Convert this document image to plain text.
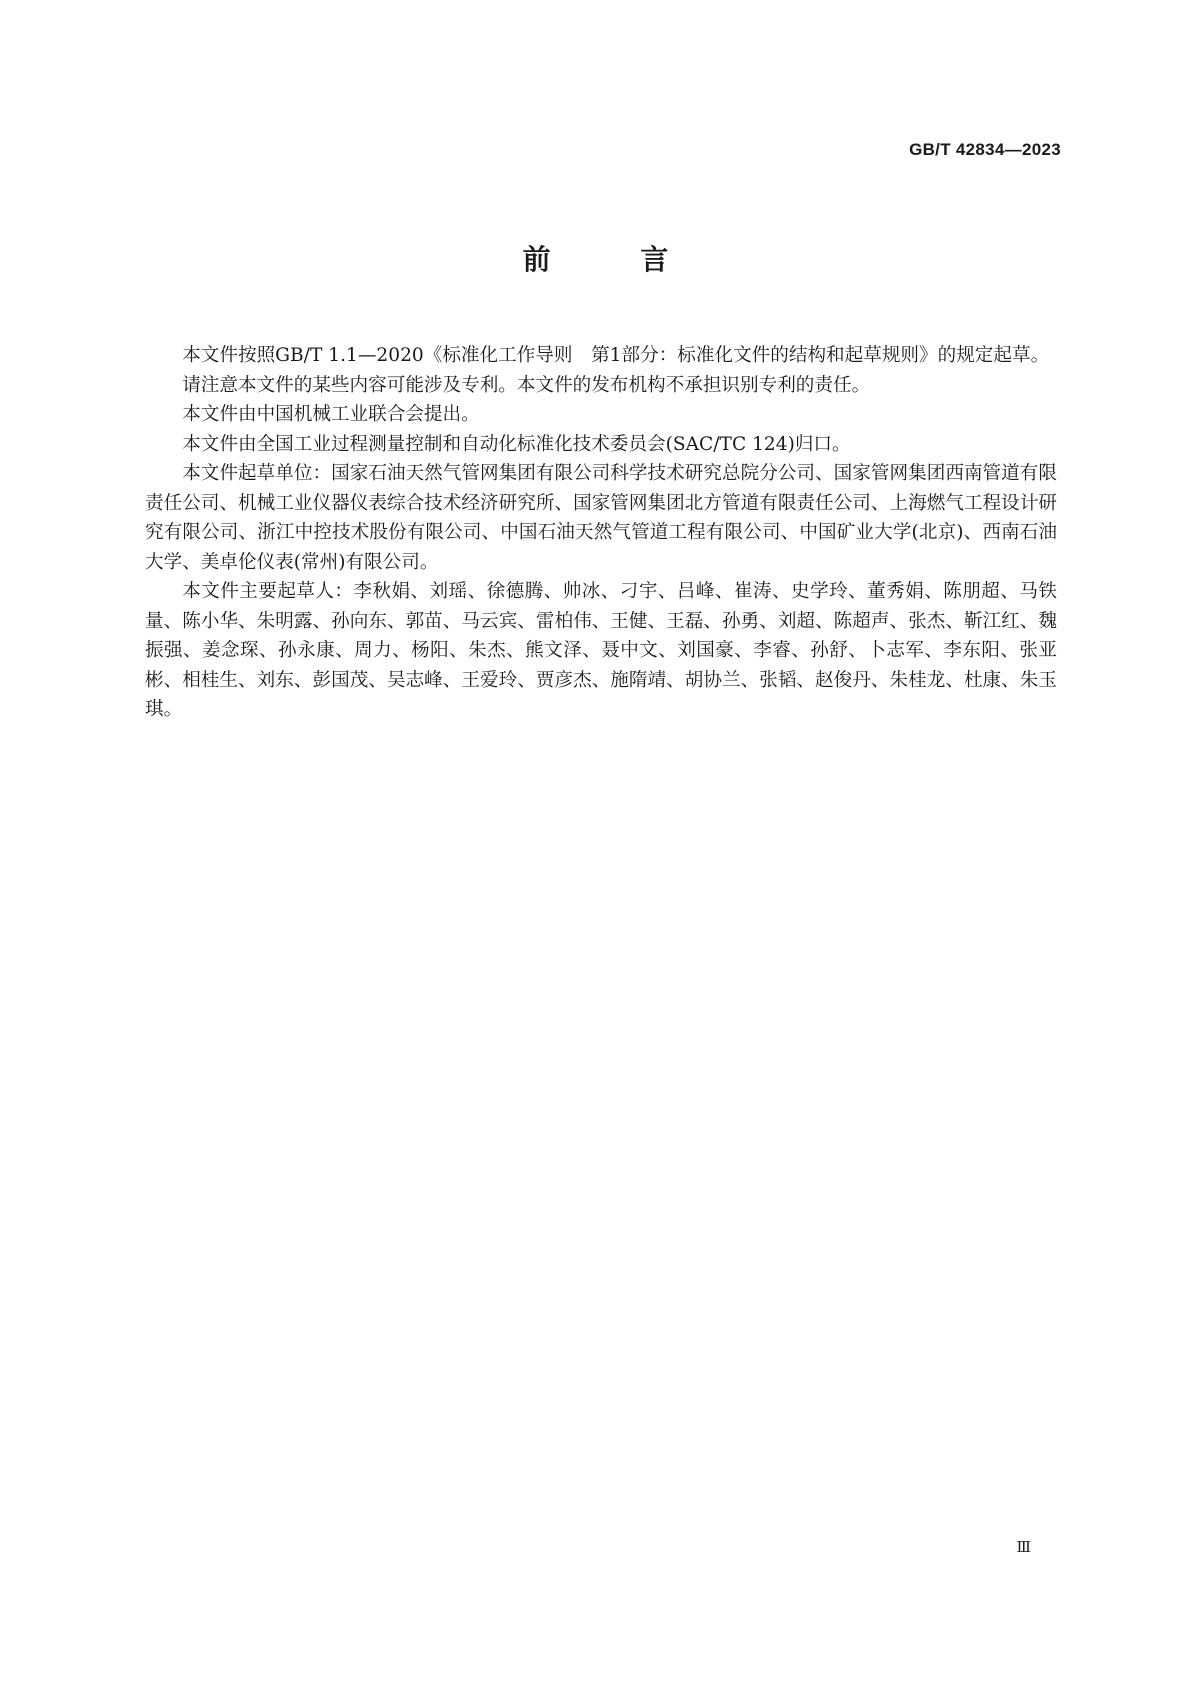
GB/T 42834—2023
前 言

本文件按照GB/T 1.1—2020《标准化工作导则　第1部分：标准化文件的结构和起草规则》的规定起草。

请注意本文件的某些内容可能涉及专利。本文件的发布机构不承担识别专利的责任。

本文件由中国机械工业联合会提出。

本文件由全国工业过程测量控制和自动化标准化技术委员会(SAC/TC 124)归口。

本文件起草单位：国家石油天然气管网集团有限公司科学技术研究总院分公司、国家管网集团西南管道有限责任公司、机械工业仪器仪表综合技术经济研究所、国家管网集团北方管道有限责任公司、上海燃气工程设计研究有限公司、浙江中控技术股份有限公司、中国石油天然气管道工程有限公司、中国矿业大学(北京)、西南石油大学、美卓伦仪表(常州)有限公司。

本文件主要起草人：李秋娟、刘瑶、徐德腾、帅冰、刁宇、吕峰、崔涛、史学玲、董秀娟、陈朋超、马铁量、陈小华、朱明露、孙向东、郭苗、马云宾、雷柏伟、王健、王磊、孙勇、刘超、陈超声、张杰、靳江红、魏振强、姜念琛、孙永康、周力、杨阳、朱杰、熊文泽、聂中文、刘国豪、李睿、孙舒、卜志军、李东阳、张亚彬、相桂生、刘东、彭国茂、吴志峰、王爱玲、贾彦杰、施隋靖、胡协兰、张韬、赵俊丹、朱桂龙、杜康、朱玉琪。

Ⅲ
